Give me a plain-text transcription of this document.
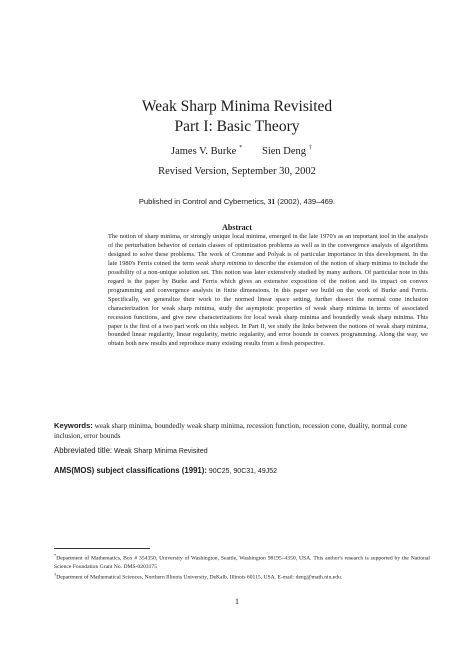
Weak Sharp Minima Revisited
Part I: Basic Theory
James V. Burke * Sien Deng †
Revised Version, September 30, 2002
Published in Control and Cybernetics, 31 (2002), 439–469.
Abstract
The notion of sharp minima, or strongly unique local minima, emerged in the late 1970's as an important tool in the analysis of the perturbation behavior of certain classes of optimization problems as well as in the convergence analysis of algorithms designed to solve these problems. The work of Cromme and Polyak is of particular importance in this development. In the late 1980's Ferris coined the term weak sharp minima to describe the extension of the notion of sharp minima to include the possibility of a non-unique solution set. This notion was later extensively studied by many authors. Of particular note in this regard is the paper by Burke and Ferris which gives an extensive exposition of the notion and its impact on convex programming and convergence analysis in finite dimensions. In this paper we build on the work of Burke and Ferris. Specifically, we generalize their work to the normed linear space setting, further dissect the normal cone inclusion characterization for weak sharp minima, study the asymptotic properties of weak sharp minima in terms of associated recession functions, and give new characterizations for local weak sharp minima and boundedly weak sharp minima. This paper is the first of a two part work on this subject. In Part II, we study the links between the notions of weak sharp minima, bounded linear regularity, linear regularity, metric regularity, and error bounds in convex programming. Along the way, we obtain both new results and reproduce many existing results from a fresh perspective.
Keywords: weak sharp minima, boundedly weak sharp minima, recession function, recession cone, duality, normal cone inclusion, error bounds
Abbreviated title: Weak Sharp Minima Revisited
AMS(MOS) subject classifications (1991): 90C25, 90C31, 49J52

*Department of Mathematics, Box # 354350, University of Washington, Seattle, Washington 98195–4350, USA. This author's research is supported by the National Science Foundation Grant No. DMS-0203175

†Department of Mathematical Sciences, Northern Illinois University, DeKalb, Illinois 60115, USA. E-mail: deng@math.niu.edu.

1
